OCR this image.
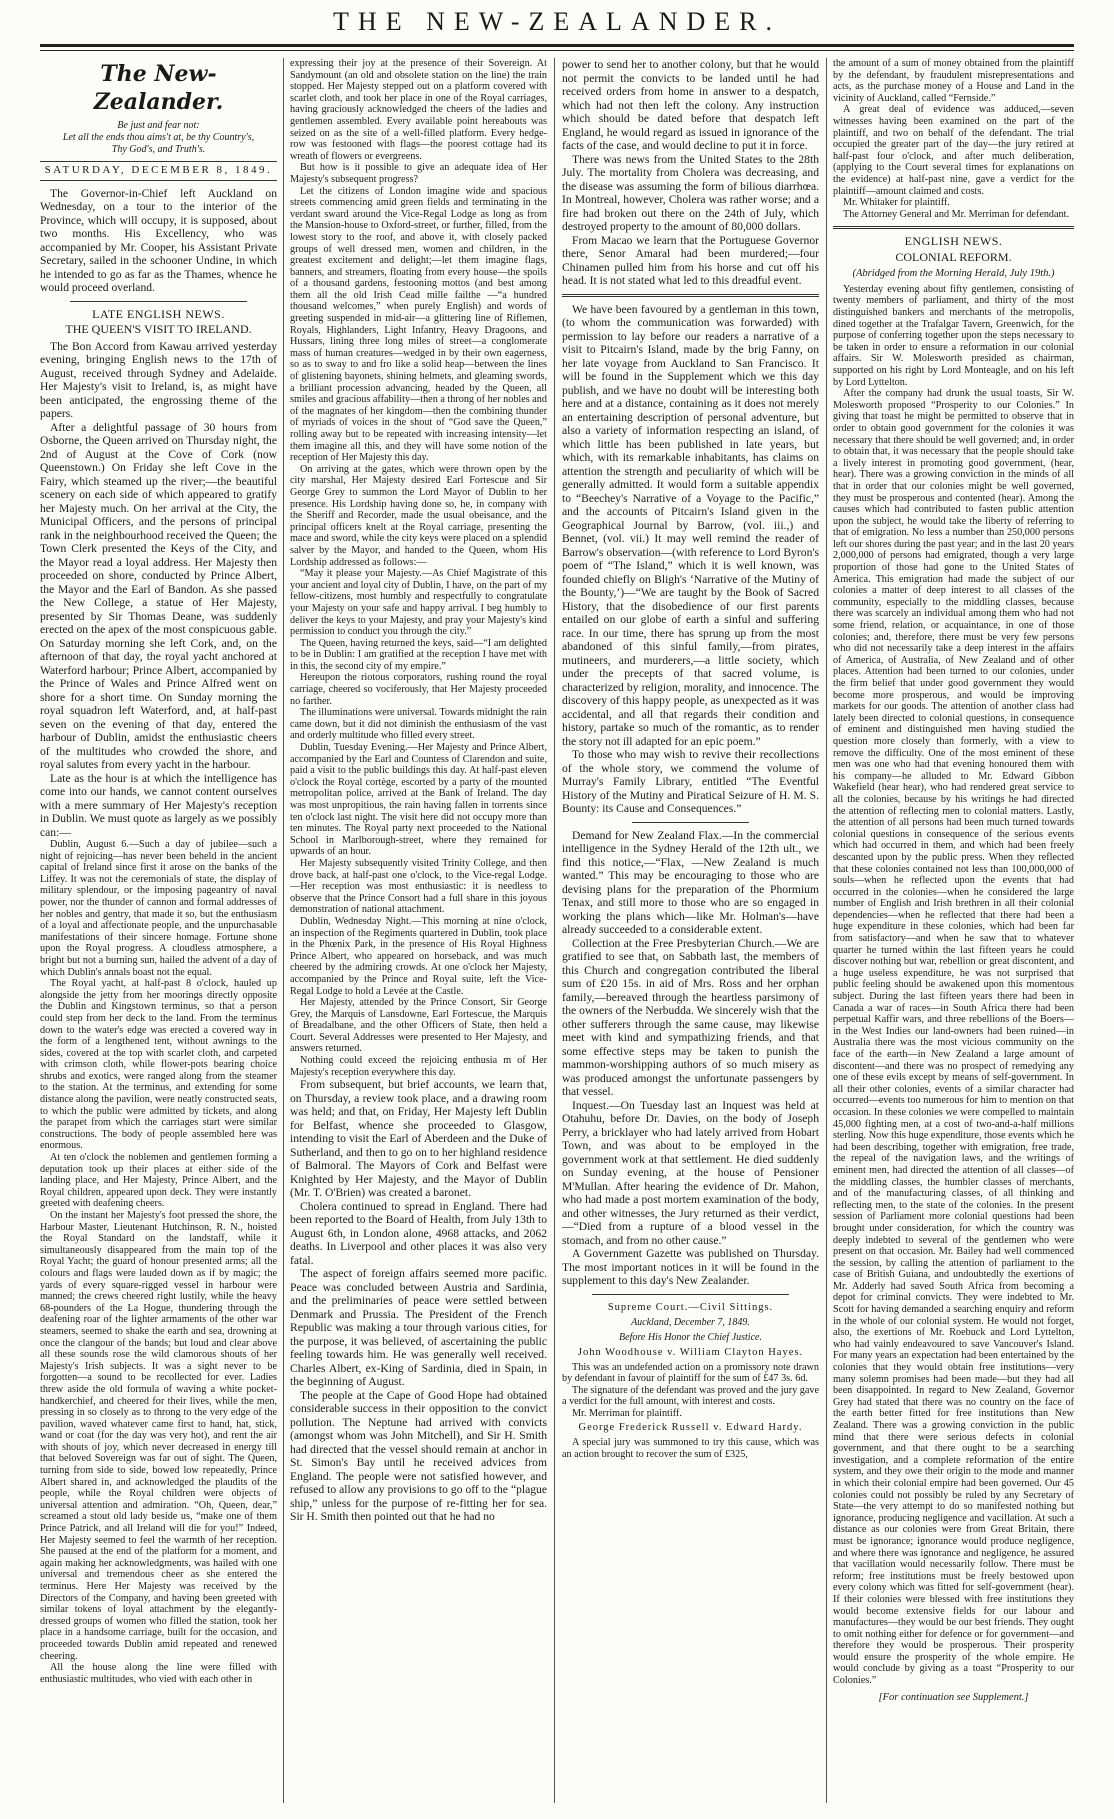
THE NEW-ZEALANDER.
The New-Zealander.
Be just and fear not:
Let all the ends thou aims't at, be thy Country's,
Thy God's, and Truth's.
SATURDAY, DECEMBER 8, 1849.

The Governor-in-Chief left Auckland on Wednesday, on a tour to the interior of the Province, which will occupy, it is supposed, about two months. His Excellency, who was accompanied by Mr. Cooper, his Assistant Private Secretary, sailed in the schooner Undine, in which he intended to go as far as the Thames, whence he would proceed overland.

LATE ENGLISH NEWS.
THE QUEEN'S VISIT TO IRELAND.

The Bon Accord from Kawau arrived yesterday evening, bringing English news to the 17th of August, received through Sydney and Adelaide. Her Majesty's visit to Ireland, is, as might have been anticipated, the engrossing theme of the papers.

After a delightful passage of 30 hours from Osborne, the Queen arrived on Thursday night, the 2nd of August at the Cove of Cork (now Queenstown.) On Friday she left Cove in the Fairy, which steamed up the river;—the beautiful scenery on each side of which appeared to gratify her Majesty much. On her arrival at the City, the Municipal Officers, and the persons of principal rank in the neighbourhood received the Queen; the Town Clerk presented the Keys of the City, and the Mayor read a loyal address. Her Majesty then proceeded on shore, conducted by Prince Albert, the Mayor and the Earl of Bandon. As she passed the New College, a statue of Her Majesty, presented by Sir Thomas Deane, was suddenly erected on the apex of the most conspicuous gable. On Saturday morning she left Cork, and, on the afternoon of that day, the royal yacht anchored at Waterford harbour; Prince Albert, accompanied by the Prince of Wales and Prince Alfred went on shore for a short time. On Sunday morning the royal squadron left Waterford, and, at half-past seven on the evening of that day, entered the harbour of Dublin, amidst the enthusiastic cheers of the multitudes who crowded the shore, and royal salutes from every yacht in the harbour.

Late as the hour is at which the intelligence has come into our hands, we cannot content ourselves with a mere summary of Her Majesty's reception in Dublin. We must quote as largely as we possibly can:—

Dublin, August 6.—Such a day of jubilee—such a night of rejoicing—has never been beheld in the ancient capital of Ireland since first it arose on the banks of the Liffey. It was not the ceremonials of state, the display of military splendour, or the imposing pageantry of naval power, nor the thunder of cannon and formal addresses of her nobles and gentry, that made it so, but the enthusiasm of a loyal and affectionate people, and the unpurchasable manifestations of their sincere homage. Fortune shone upon the Royal progress. A cloudless atmosphere, a bright but not a burning sun, hailed the advent of a day of which Dublin's annals boast not the equal.

The Royal yacht, at half-past 8 o'clock, hauled up alongside the jetty from her moorings directly opposite the Dublin and Kingstown terminus, so that a person could step from her deck to the land. From the terminus down to the water's edge was erected a covered way in the form of a lengthened tent, without awnings to the sides, covered at the top with scarlet cloth, and carpeted with crimson cloth, while flower-pots bearing choice shrubs and exotics, were ranged along from the steamer to the station. At the terminus, and extending for some distance along the pavilion, were neatly constructed seats, to which the public were admitted by tickets, and along the parapet from which the carriages start were similar constructions. The body of people assembled here was enormous.

At ten o'clock the noblemen and gentlemen forming a deputation took up their places at either side of the landing place, and Her Majesty, Prince Albert, and the Royal children, appeared upon deck. They were instantly greeted with deafening cheers.

On the instant her Majesty's foot pressed the shore, the Harbour Master, Lieutenant Hutchinson, R. N., hoisted the Royal Standard on the landstaff, while it simultaneously disappeared from the main top of the Royal Yacht; the guard of honour presented arms; all the colours and flags were lauded down as if by magic; the yards of every square-rigged vessel in harbour were manned; the crews cheered right lustily, while the heavy 68-pounders of the La Hogue, thundering through the deafening roar of the lighter armaments of the other war steamers, seemed to shake the earth and sea, drowning at once the clangour of the bands; but loud and clear above all these sounds rose the wild clamorous shouts of her Majesty's Irish subjects. It was a sight never to be forgotten—a sound to be recollected for ever. Ladies threw aside the old formula of waving a white pocket-handkerchief, and cheered for their lives, while the men, pressing in so closely as to throng to the very edge of the pavilion, waved whatever came first to hand, hat, stick, wand or coat (for the day was very hot), and rent the air with shouts of joy, which never decreased in energy till that beloved Sovereign was far out of sight. The Queen, turning from side to side, bowed low repeatedly, Prince Albert shared in, and acknowledged the plaudits of the people, while the Royal children were objects of universal attention and admiration. “Oh, Queen, dear,” screamed a stout old lady beside us, “make one of them Prince Patrick, and all Ireland will die for you!” Indeed, Her Majesty seemed to feel the warmth of her reception. She paused at the end of the platform for a moment, and again making her acknowledgments, was hailed with one universal and tremendous cheer as she entered the terminus. Here Her Majesty was received by the Directors of the Company, and having been greeted with similar tokens of loyal attachment by the elegantly-dressed groups of women who filled the station, took her place in a handsome carriage, built for the occasion, and proceeded towards Dublin amid repeated and renewed cheering.

All the house along the line were filled with enthusiastic multitudes, who vied with each other in

expressing their joy at the presence of their Sovereign. At Sandymount (an old and obsolete station on the line) the train stopped. Her Majesty stepped out on a platform covered with scarlet cloth, and took her place in one of the Royal carriages, having graciously acknowledged the cheers of the ladies and gentlemen assembled. Every available point hereabouts was seized on as the site of a well-filled platform. Every hedge-row was festooned with flags—the poorest cottage had its wreath of flowers or evergreens.

But how is it possible to give an adequate idea of Her Majesty's subsequent progress?

Let the citizens of London imagine wide and spacious streets commencing amid green fields and terminating in the verdant sward around the Vice-Regal Lodge as long as from the Mansion-house to Oxford-street, or further, filled, from the lowest story to the roof, and above it, with closely packed groups of well dressed men, women and children, in the greatest excitement and delight;—let them imagine flags, banners, and streamers, floating from every house—the spoils of a thousand gardens, festooning mottos (and best among them all the old Irish Cead mille failthe —“a hundred thousand welcomes,” when purely English) and words of greeting suspended in mid-air—a glittering line of Riflemen, Royals, Highlanders, Light Infantry, Heavy Dragoons, and Hussars, lining three long miles of street—a conglomerate mass of human creatures—wedged in by their own eagerness, so as to sway to and fro like a solid heap—between the lines of glistening bayonets, shining helmets, and gleaming swords, a brilliant procession advancing, headed by the Queen, all smiles and gracious affability—then a throng of her nobles and of the magnates of her kingdom—then the combining thunder of myriads of voices in the shout of “God save the Queen,” rolling away but to be repeated with increasing intensity—let them imagine all this, and they will have some notion of the reception of Her Majesty this day.

On arriving at the gates, which were thrown open by the city marshal, Her Majesty desired Earl Fortescue and Sir George Grey to summon the Lord Mayor of Dublin to her presence. His Lordship having done so, he, in company with the Sheriff and Recorder, made the usual obeisance, and the principal officers knelt at the Royal carriage, presenting the mace and sword, while the city keys were placed on a splendid salver by the Mayor, and handed to the Queen, whom His Lordship addressed as follows:—

“May it please your Majesty.—As Chief Magistrate of this your ancient and loyal city of Dublin, I have, on the part of my fellow-citizens, most humbly and respectfully to congratulate your Majesty on your safe and happy arrival. I beg humbly to deliver the keys to your Majesty, and pray your Majesty's kind permission to conduct you through the city.”

The Queen, having returned the keys, said—“I am delighted to be in Dublin: I am gratified at the reception I have met with in this, the second city of my empire.”

Hereupon the riotous corporators, rushing round the royal carriage, cheered so vociferously, that Her Majesty proceeded no farther.

The illuminations were universal. Towards midnight the rain came down, but it did not diminish the enthusiasm of the vast and orderly multitude who filled every street.

Dublin, Tuesday Evening.—Her Majesty and Prince Albert, accompanied by the Earl and Countess of Clarendon and suite, paid a visit to the public buildings this day. At half-past eleven o'clock the Royal cortège, escorted by a party of the mounted metropolitan police, arrived at the Bank of Ireland. The day was most unpropitious, the rain having fallen in torrents since ten o'clock last night. The visit here did not occupy more than ten minutes. The Royal party next proceeded to the National School in Marlborough-street, where they remained for upwards of an hour.

Her Majesty subsequently visited Trinity College, and then drove back, at half-past one o'clock, to the Vice-regal Lodge.—Her reception was most enthusiastic: it is needless to observe that the Prince Consort had a full share in this joyous demonstration of national attachment.

Dublin, Wednesday Night.—This morning at nine o'clock, an inspection of the Regiments quartered in Dublin, took place in the Phœnix Park, in the presence of His Royal Highness Prince Albert, who appeared on horseback, and was much cheered by the admiring crowds. At one o'clock her Majesty, accompanied by the Prince and Royal suite, left the Vice-Regal Lodge to hold a Levée at the Castle.

Her Majesty, attended by the Prince Consort, Sir George Grey, the Marquis of Lansdowne, Earl Fortescue, the Marquis of Breadalbane, and the other Officers of State, then held a Court. Several Addresses were presented to Her Majesty, and answers returned.

Nothing could exceed the rejoicing enthusia m of Her Majesty's reception everywhere this day.

From subsequent, but brief accounts, we learn that, on Thursday, a review took place, and a drawing room was held; and that, on Friday, Her Majesty left Dublin for Belfast, whence she proceeded to Glasgow, intending to visit the Earl of Aberdeen and the Duke of Sutherland, and then to go on to her highland residence of Balmoral. The Mayors of Cork and Belfast were Knighted by Her Majesty, and the Mayor of Dublin (Mr. T. O'Brien) was created a baronet.

Cholera continued to spread in England. There had been reported to the Board of Health, from July 13th to August 6th, in London alone, 4968 attacks, and 2062 deaths. In Liverpool and other places it was also very fatal.

The aspect of foreign affairs seemed more pacific. Peace was concluded between Austria and Sardinia, and the preliminaries of peace were settled between Denmark and Prussia. The President of the French Republic was making a tour through various cities, for the purpose, it was believed, of ascertaining the public feeling towards him. He was generally well received. Charles Albert, ex-King of Sardinia, died in Spain, in the beginning of August.

The people at the Cape of Good Hope had obtained considerable success in their opposition to the convict pollution. The Neptune had arrived with convicts (amongst whom was John Mitchell), and Sir H. Smith had directed that the vessel should remain at anchor in St. Simon's Bay until he received advices from England. The people were not satisfied however, and refused to allow any provisions to go off to the “plague ship,” unless for the purpose of re-fitting her for sea. Sir H. Smith then pointed out that he had no

power to send her to another colony, but that he would not permit the convicts to be landed until he had received orders from home in answer to a despatch, which had not then left the colony. Any instruction which should be dated before that despatch left England, he would regard as issued in ignorance of the facts of the case, and would decline to put it in force.

There was news from the United States to the 28th July. The mortality from Cholera was decreasing, and the disease was assuming the form of bilious diarrhœa. In Montreal, however, Cholera was rather worse; and a fire had broken out there on the 24th of July, which destroyed property to the amount of 80,000 dollars.

From Macao we learn that the Portuguese Governor there, Senor Amaral had been murdered;—four Chinamen pulled him from his horse and cut off his head. It is not stated what led to this dreadful event.

We have been favoured by a gentleman in this town, (to whom the communication was forwarded) with permission to lay before our readers a narrative of a visit to Pitcairn's Island, made by the brig Fanny, on her late voyage from Auckland to San Francisco. It will be found in the Supplement which we this day publish, and we have no doubt will be interesting both here and at a distance, containing as it does not merely an entertaining description of personal adventure, but also a variety of information respecting an island, of which little has been published in late years, but which, with its remarkable inhabitants, has claims on attention the strength and peculiarity of which will be generally admitted. It would form a suitable appendix to “Beechey's Narrative of a Voyage to the Pacific,” and the accounts of Pitcairn's Island given in the Geographical Journal by Barrow, (vol. iii.,) and Bennet, (vol. vii.) It may well remind the reader of Barrow's observation—(with reference to Lord Byron's poem of “The Island,” which it is well known, was founded chiefly on Bligh's ‘Narrative of the Mutiny of the Bounty,’)—“We are taught by the Book of Sacred History, that the disobedience of our first parents entailed on our globe of earth a sinful and suffering race. In our time, there has sprung up from the most abandoned of this sinful family,—from pirates, mutineers, and murderers,—a little society, which under the precepts of that sacred volume, is characterized by religion, morality, and innocence. The discovery of this happy people, as unexpected as it was accidental, and all that regards their condition and history, partake so much of the romantic, as to render the story not ill adapted for an epic poem.”

To those who may wish to revive their recollections of the whole story, we commend the volume of Murray's Family Library, entitled “The Eventful History of the Mutiny and Piratical Seizure of H. M. S. Bounty: its Cause and Consequences.”

Demand for New Zealand Flax.—In the commercial intelligence in the Sydney Herald of the 12th ult., we find this notice,—“Flax, —New Zealand is much wanted.” This may be encouraging to those who are devising plans for the preparation of the Phormium Tenax, and still more to those who are so engaged in working the plans which—like Mr. Holman's—have already succeeded to a considerable extent.

Collection at the Free Presbyterian Church.—We are gratified to see that, on Sabbath last, the members of this Church and congregation contributed the liberal sum of £20 15s. in aid of Mrs. Ross and her orphan family,—bereaved through the heartless parsimony of the owners of the Nerbudda. We sincerely wish that the other sufferers through the same cause, may likewise meet with kind and sympathizing friends, and that some effective steps may be taken to punish the mammon-worshipping authors of so much misery as was produced amongst the unfortunate passengers by that vessel.

Inquest.—On Tuesday last an Inquest was held at Otahuhu, before Dr. Davies, on the body of Joseph Perry, a bricklayer who had lately arrived from Hobart Town, and was about to be employed in the government work at that settlement. He died suddenly on Sunday evening, at the house of Pensioner M'Mullan. After hearing the evidence of Dr. Mahon, who had made a post mortem examination of the body, and other witnesses, the Jury returned as their verdict,—“Died from a rupture of a blood vessel in the stomach, and from no other cause.”

A Government Gazette was published on Thursday. The most important notices in it will be found in the supplement to this day's New Zealander.

Supreme Court.—Civil Sittings.
Auckland, December 7, 1849.
Before His Honor the Chief Justice.
John Woodhouse v. William Clayton Hayes.

This was an undefended action on a promissory note drawn by defendant in favour of plaintiff for the sum of £47 3s. 6d.

The signature of the defendant was proved and the jury gave a verdict for the full amount, with interest and costs.

Mr. Merriman for plaintiff.

George Frederick Russell v. Edward Hardy.

A special jury was summoned to try this cause, which was an action brought to recover the sum of £325,

the amount of a sum of money obtained from the plaintiff by the defendant, by fraudulent misrepresentations and acts, as the purchase money of a House and Land in the vicinity of Auckland, called “Fernside.”

A great deal of evidence was adduced,—seven witnesses having been examined on the part of the plaintiff, and two on behalf of the defendant. The trial occupied the greater part of the day—the jury retired at half-past four o'clock, and after much deliberation, (applying to the Court several times for explanations on the evidence) at half-past nine, gave a verdict for the plaintiff—amount claimed and costs.

Mr. Whitaker for plaintiff.

The Attorney General and Mr. Merriman for defendant.

ENGLISH NEWS.
COLONIAL REFORM.
(Abridged from the Morning Herald, July 19th.)

Yesterday evening about fifty gentlemen, consisting of twenty members of parliament, and thirty of the most distinguished bankers and merchants of the metropolis, dined together at the Trafalgar Tavern, Greenwich, for the purpose of conferring together upon the steps necessary to be taken in order to ensure a reformation in our colonial affairs. Sir W. Molesworth presided as chairman, supported on his right by Lord Monteagle, and on his left by Lord Lyttelton.

After the company had drunk the usual toasts, Sir W. Molesworth proposed “Prosperity to our Colonies.” In giving that toast he might be permitted to observe that in order to obtain good government for the colonies it was necessary that there should be well governed; and, in order to obtain that, it was necessary that the people should take a lively interest in promoting good government, (hear, hear). There was a growing conviction in the minds of all that in order that our colonies might be well governed, they must be prosperous and contented (hear). Among the causes which had contributed to fasten public attention upon the subject, he would take the liberty of referring to that of emigration. No less a number than 250,000 persons left our shores during the past year; and in the last 20 years 2,000,000 of persons had emigrated, though a very large proportion of those had gone to the United States of America. This emigration had made the subject of our colonies a matter of deep interest to all classes of the community, especially to the middling classes, because there was scarcely an individual among them who had not some friend, relation, or acquaintance, in one of those colonies; and, therefore, there must be very few persons who did not necessarily take a deep interest in the affairs of America, of Australia, of New Zealand and of other places. Attention had been turned to our colonies, under the firm belief that under good government they would become more prosperous, and would be improving markets for our goods. The attention of another class had lately been directed to colonial questions, in consequence of eminent and distinguished men having studied the question more closely than formerly, with a view to remove the difficulty. One of the most eminent of these men was one who had that evening honoured them with his company—he alluded to Mr. Edward Gibbon Wakefield (hear hear), who had rendered great service to all the colonies, because by his writings he had directed the attention of reflecting men to colonial matters. Lastly, the attention of all persons had been much turned towards colonial questions in consequence of the serious events which had occurred in them, and which had been freely descanted upon by the public press. When they reflected that these colonies contained not less than 100,000,000 of souls—when he reflected upon the events that had occurred in the colonies—when he considered the large number of English and Irish brethren in all their colonial dependencies—when he reflected that there had been a huge expenditure in these colonies, which had been far from satisfactory—and when he saw that to whatever quarter he turned within the last fifteen years he could discover nothing but war, rebellion or great discontent, and a huge useless expenditure, he was not surprised that public feeling should be awakened upon this momentous subject. During the last fifteen years there had been in Canada a war of races—in South Africa there had been perpetual Kaffir wars, and three rebellions of the Boers—in the West Indies our land-owners had been ruined—in Australia there was the most vicious community on the face of the earth—in New Zealand a large amount of discontent—and there was no prospect of remedying any one of these evils except by means of self-government. In all their other colonies, events of a similar character had occurred—events too numerous for him to mention on that occasion. In these colonies we were compelled to maintain 45,000 fighting men, at a cost of two-and-a-half millions sterling. Now this huge expenditure, those events which he had been describing, together with emigration, free trade, the repeal of the navigation laws, and the writings of eminent men, had directed the attention of all classes—of the middling classes, the humbler classes of merchants, and of the manufacturing classes, of all thinking and reflecting men, to the state of the colonies. In the present session of Parliament more colonial questions had been brought under consideration, for which the country was deeply indebted to several of the gentlemen who were present on that occasion. Mr. Bailey had well commenced the session, by calling the attention of parliament to the case of British Guiana, and undoubtedly the exertions of Mr. Adderly had saved South Africa from becoming a depot for criminal convicts. They were indebted to Mr. Scott for having demanded a searching enquiry and reform in the whole of our colonial system. He would not forget, also, the exertions of Mr. Roebuck and Lord Lyttelton, who had vainly endeavoured to save Vancouver's Island. For many years an expectation had been entertained by the colonies that they would obtain free institutions—very many solemn promises had been made—but they had all been disappointed. In regard to New Zealand, Governor Grey had stated that there was no country on the face of the earth better fitted for free institutions than New Zealand. There was a growing conviction in the public mind that there were serious defects in colonial government, and that there ought to be a searching investigation, and a complete reformation of the entire system, and they owe their origin to the mode and manner in which their colonial empire had been governed. Our 45 colonies could not possibly be ruled by any Secretary of State—the very attempt to do so manifested nothing but ignorance, producing negligence and vacillation. At such a distance as our colonies were from Great Britain, there must be ignorance; ignorance would produce negligence, and where there was ignorance and negligence, he assured that vacillation would necessarily follow. There must be reform; free institutions must be freely bestowed upon every colony which was fitted for self-government (hear). If their colonies were blessed with free institutions they would become extensive fields for our labour and manufactures—they would be our best friends. They ought to omit nothing either for defence or for government—and therefore they would be prosperous. Their prosperity would ensure the prosperity of the whole empire. He would conclude by giving as a toast “Prosperity to our Colonies.”

[For continuation see Supplement.]
